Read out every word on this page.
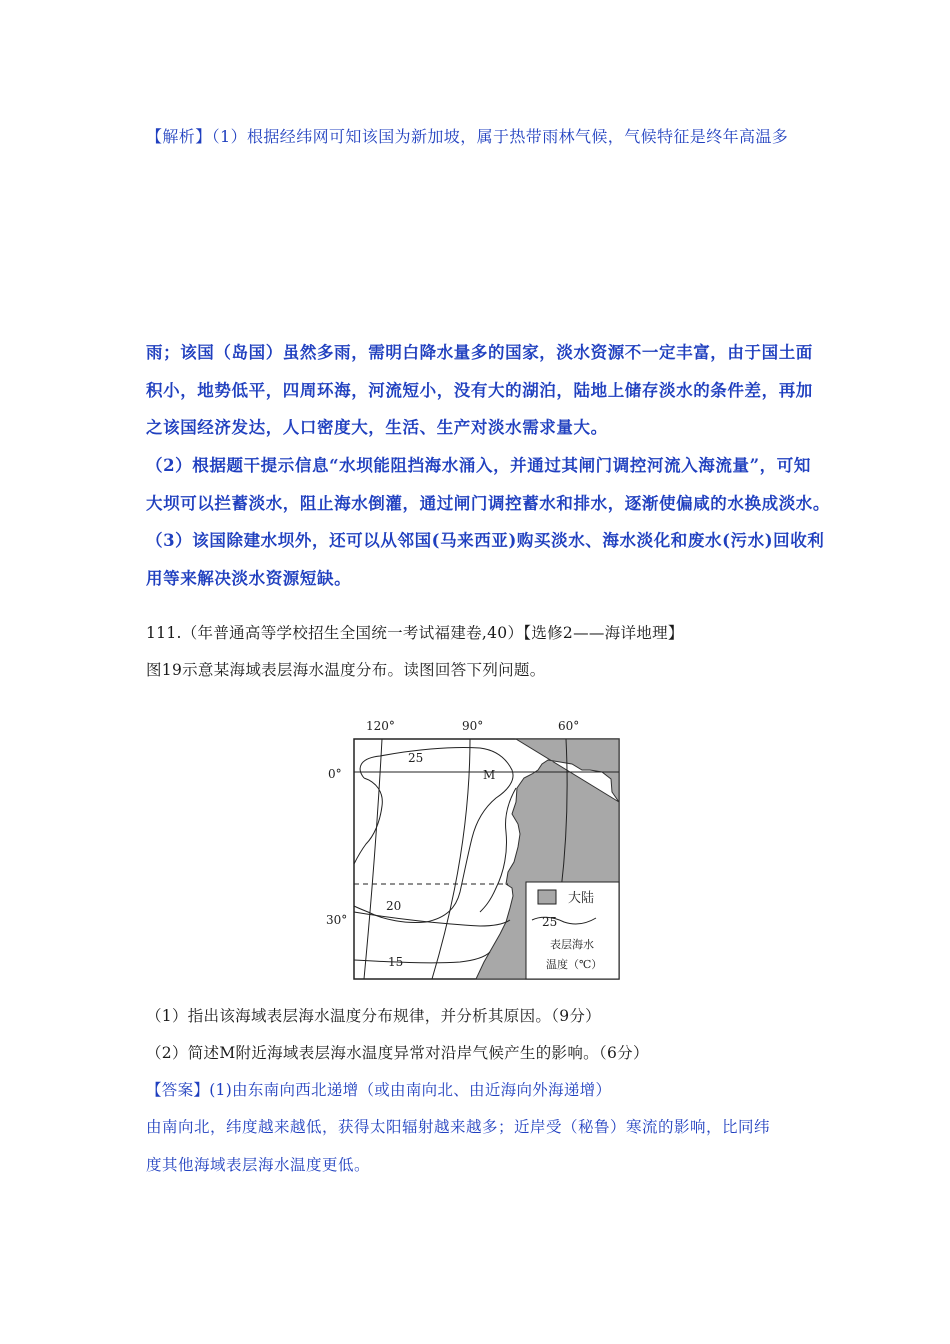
【解析】（1）根据经纬网可知该国为新加坡，属于热带雨林气候，气候特征是终年高温多
雨；该国（岛国）虽然多雨，需明白降水量多的国家，淡水资源不一定丰富，由于国土面
积小，地势低平，四周环海，河流短小，没有大的湖泊，陆地上储存淡水的条件差，再加
之该国经济发达，人口密度大，生活、生产对淡水需求量大。
（2）根据题干提示信息“水坝能阻挡海水涌入，并通过其闸门调控河流入海流量”，可知
大坝可以拦蓄淡水，阻止海水倒灌，通过闸门调控蓄水和排水，逐渐使偏咸的水换成淡水。
（3）该国除建水坝外，还可以从邻国(马来西亚)购买淡水、海水淡化和废水(污水)回收利
用等来解决淡水资源短缺。
111.（年普通高等学校招生全国统一考试福建卷,40）【选修2——海详地理】
图19示意某海域表层海水温度分布。读图回答下列问题。
120°	90°	60°
0°
30°
25
20
15
M
大陆
25
表层海水
温度（℃）
（1）指出该海域表层海水温度分布规律，并分析其原因。（9分）
（2）简述M附近海域表层海水温度异常对沿岸气候产生的影响。（6分）
【答案】(1)由东南向西北递增（或由南向北、由近海向外海递增）
由南向北，纬度越来越低，获得太阳辐射越来越多；近岸受（秘鲁）寒流的影响，比同纬
度其他海域表层海水温度更低。
